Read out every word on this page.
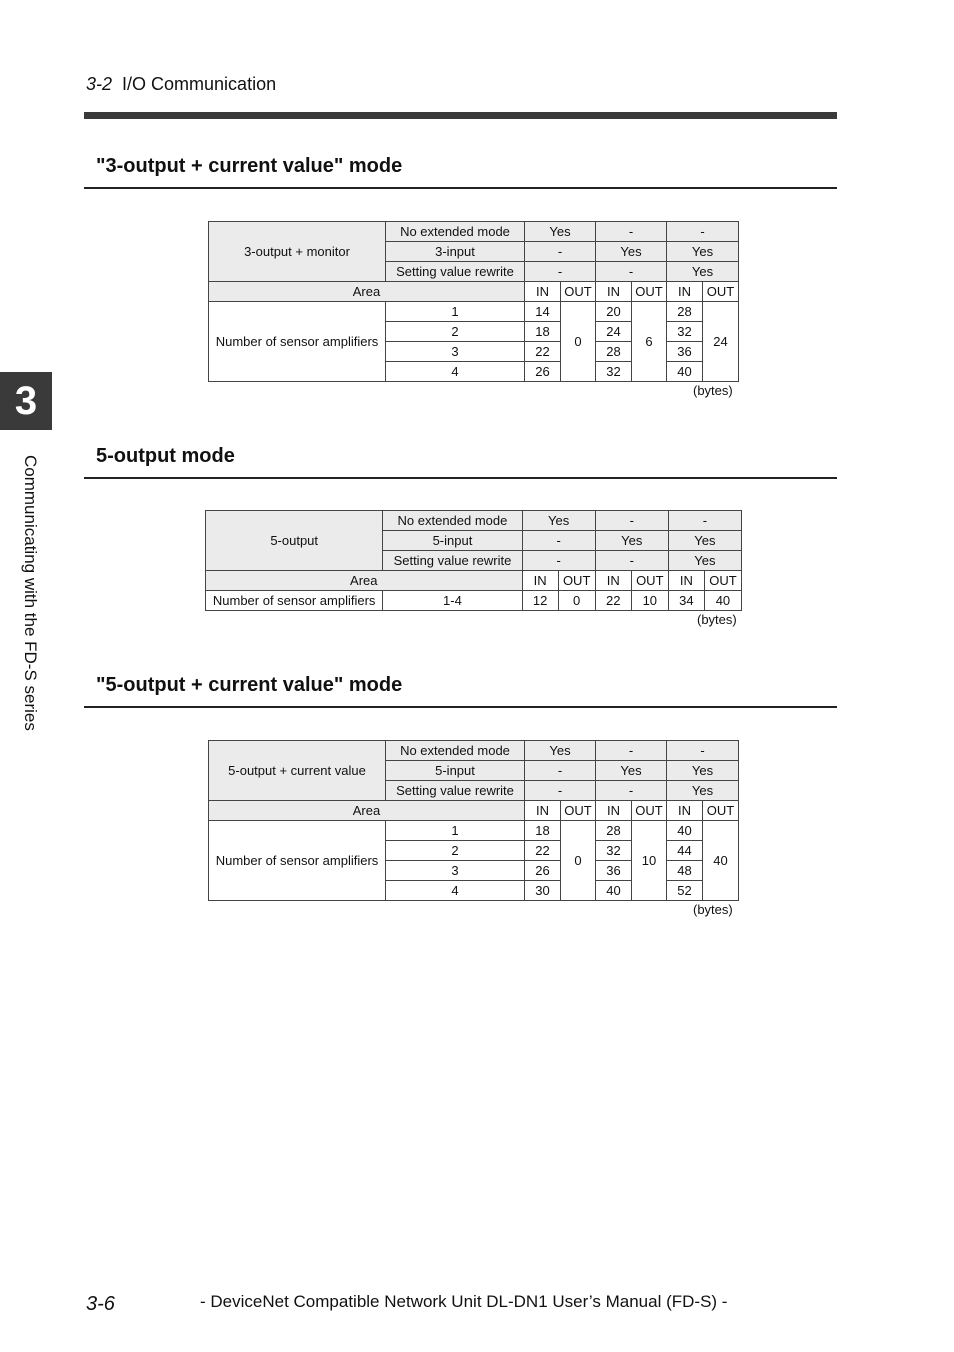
3-2 I/O Communication
3
Communicating with the FD-S series
"3-output + current value" mode
3-output + monitor	No extended mode	Yes		-		-	
	3-input	-		Yes		Yes	
	Setting value rewrite	-		-		Yes	
Area		IN	OUT	IN	OUT	IN	OUT
Number of sensor amplifiers	1	14	0	20	6	28	24
	2	18		24		32	
	3	22		28		36	
	4	26		32		40	
(bytes)
5-output mode
5-output	No extended mode	Yes		-		-	
	5-input	-		Yes		Yes	
	Setting value rewrite	-		-		Yes	
Area		IN	OUT	IN	OUT	IN	OUT
Number of sensor amplifiers	1-4	12	0	22	10	34	40
(bytes)
"5-output + current value" mode
5-output + current value	No extended mode	Yes		-		-	
	5-input	-		Yes		Yes	
	Setting value rewrite	-		-		Yes	
Area		IN	OUT	IN	OUT	IN	OUT
Number of sensor amplifiers	1	18	0	28	10	40	40
	2	22		32		44	
	3	26		36		48	
	4	30		40		52	
(bytes)
3-6	- DeviceNet Compatible Network Unit DL-DN1 User’s Manual (FD-S) -
